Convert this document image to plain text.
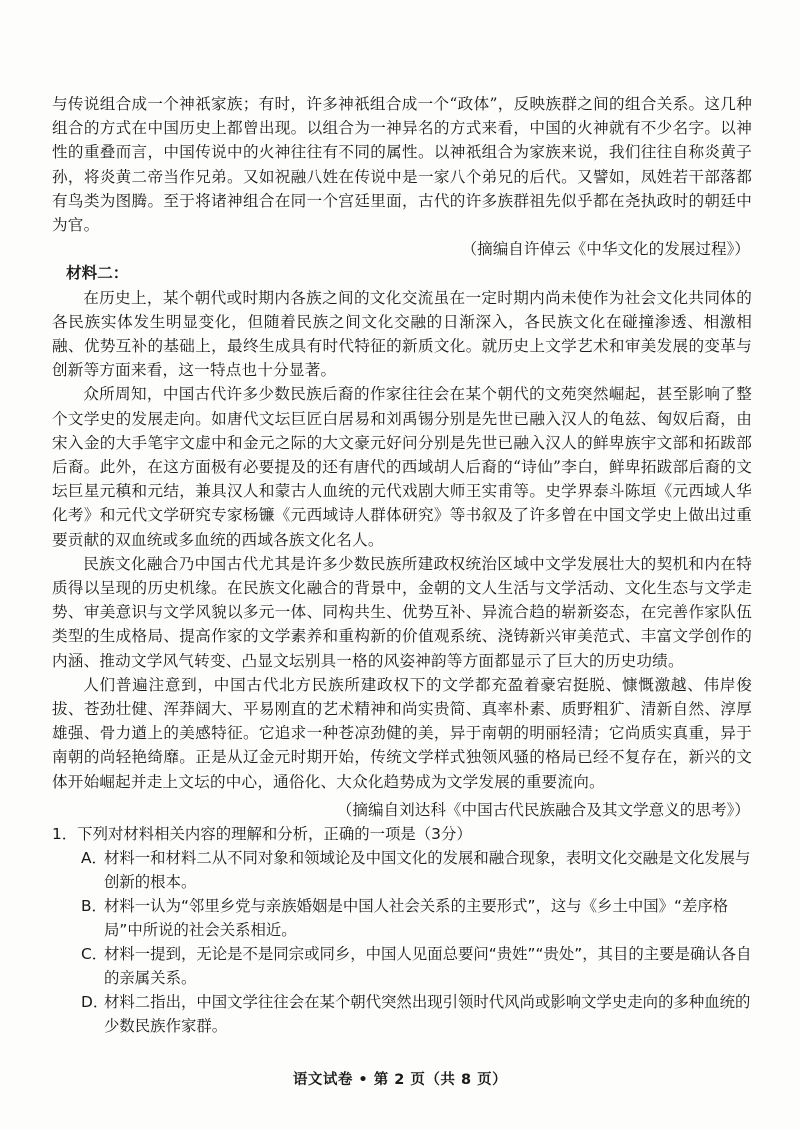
与传说组合成一个神祇家族；有时，许多神祇组合成一个“政体”，反映族群之间的组合关系。这几种组合的方式在中国历史上都曾出现。以组合为一神异名的方式来看，中国的火神就有不少名字。以神性的重叠而言，中国传说中的火神往往有不同的属性。以神祇组合为家族来说，我们往往自称炎黄子孙，将炎黄二帝当作兄弟。又如祝融八姓在传说中是一家八个弟兄的后代。又譬如，凤姓若干部落都有鸟类为图腾。至于将诸神组合在同一个宫廷里面，古代的许多族群祖先似乎都在尧执政时的朝廷中为官。

（摘编自许倬云《中华文化的发展过程》）

材料二：

在历史上，某个朝代或时期内各族之间的文化交流虽在一定时期内尚未使作为社会文化共同体的各民族实体发生明显变化，但随着民族之间文化交融的日渐深入，各民族文化在碰撞渗透、相激相融、优势互补的基础上，最终生成具有时代特征的新质文化。就历史上文学艺术和审美发展的变革与创新等方面来看，这一特点也十分显著。

众所周知，中国古代许多少数民族后裔的作家往往会在某个朝代的文苑突然崛起，甚至影响了整个文学史的发展走向。如唐代文坛巨匠白居易和刘禹锡分别是先世已融入汉人的龟兹、匈奴后裔，由宋入金的大手笔宇文虚中和金元之际的大文豪元好问分别是先世已融入汉人的鲜卑族宇文部和拓跋部后裔。此外，在这方面极有必要提及的还有唐代的西域胡人后裔的“诗仙”李白，鲜卑拓跋部后裔的文坛巨星元稹和元结，兼具汉人和蒙古人血统的元代戏剧大师王实甫等。史学界泰斗陈垣《元西域人华化考》和元代文学研究专家杨镰《元西域诗人群体研究》等书叙及了许多曾在中国文学史上做出过重要贡献的双血统或多血统的西域各族文化名人。

民族文化融合乃中国古代尤其是许多少数民族所建政权统治区域中文学发展壮大的契机和内在特质得以呈现的历史机缘。在民族文化融合的背景中，金朝的文人生活与文学活动、文化生态与文学走势、审美意识与文学风貌以多元一体、同构共生、优势互补、异流合趋的崭新姿态，在完善作家队伍类型的生成格局、提高作家的文学素养和重构新的价值观系统、浇铸新兴审美范式、丰富文学创作的内涵、推动文学风气转变、凸显文坛别具一格的风姿神韵等方面都显示了巨大的历史功绩。

人们普遍注意到，中国古代北方民族所建政权下的文学都充盈着豪宕挺脱、慷慨激越、伟岸俊拔、苍劲壮健、浑莽阔大、平易刚直的艺术精神和尚实贵简、真率朴素、质野粗犷、清新自然、淳厚雄强、骨力遒上的美感特征。它追求一种苍凉劲健的美，异于南朝的明丽轻清；它尚质实真重，异于南朝的尚轻艳绮靡。正是从辽金元时期开始，传统文学样式独领风骚的格局已经不复存在，新兴的文体开始崛起并走上文坛的中心，通俗化、大众化趋势成为文学发展的重要流向。

（摘编自刘达科《中国古代民族融合及其文学意义的思考》）

1．下列对材料相关内容的理解和分析，正确的一项是（3分）

A．材料一和材料二从不同对象和领域论及中国文化的发展和融合现象，表明文化交融是文化发展与创新的根本。

B．材料一认为“邻里乡党与亲族婚姻是中国人社会关系的主要形式”，这与《乡土中国》“差序格局”中所说的社会关系相近。

C．材料一提到，无论是不是同宗或同乡，中国人见面总要问“贵姓”“贵处”，其目的主要是确认各自的亲属关系。

D．材料二指出，中国文学往往会在某个朝代突然出现引领时代风尚或影响文学史走向的多种血统的少数民族作家群。

语文试卷 • 第 2 页（共 8 页）
